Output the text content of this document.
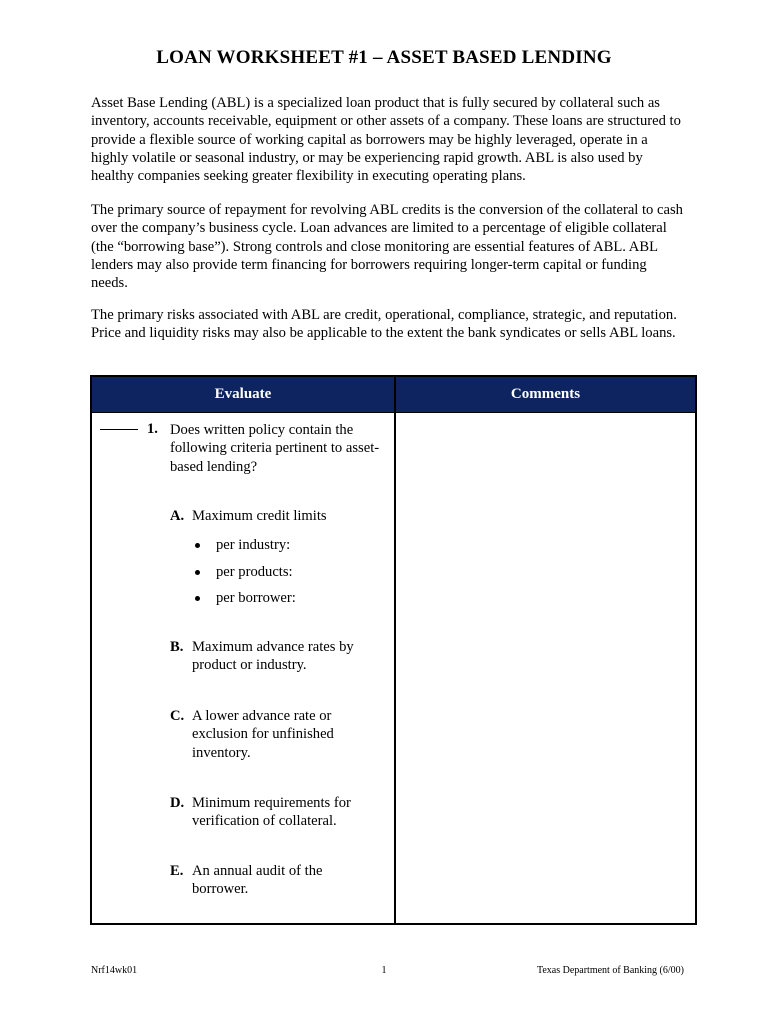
LOAN WORKSHEET #1 – ASSET BASED LENDING

Asset Base Lending (ABL) is a specialized loan product that is fully secured by collateral such as inventory, accounts receivable, equipment or other assets of a company. These loans are structured to provide a flexible source of working capital as borrowers may be highly leveraged, operate in a highly volatile or seasonal industry, or may be experiencing rapid growth. ABL is also used by healthy companies seeking greater flexibility in executing operating plans.

The primary source of repayment for revolving ABL credits is the conversion of the collateral to cash over the company’s business cycle. Loan advances are limited to a percentage of eligible collateral (the “borrowing base”). Strong controls and close monitoring are essential features of ABL. ABL lenders may also provide term financing for borrowers requiring longer-term capital or funding needs.

The primary risks associated with ABL are credit, operational, compliance, strategic, and reputation. Price and liquidity risks may also be applicable to the extent the bank syndicates or sells ABL loans.

Evaluate	Comments
1. Does written policy contain the following criteria pertinent to asset-based lending?
A. Maximum credit limits
per industry:
per products:
per borrower:
B. Maximum advance rates by product or industry.
C. A lower advance rate or exclusion for unfinished inventory.
D. Minimum requirements for verification of collateral.
E. An annual audit of the borrower.
Nrf14wk01	1	Texas Department of Banking (6/00)
